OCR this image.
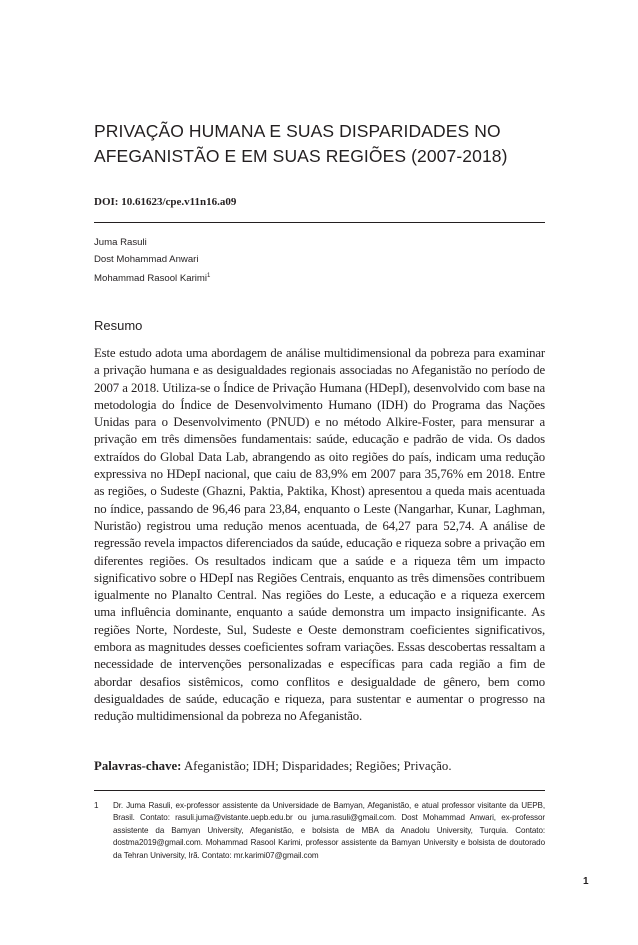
PRIVAÇÃO HUMANA E SUAS DISPARIDADES NO AFEGANISTÃO E EM SUAS REGIÕES (2007-2018)
DOI: 10.61623/cpe.v11n16.a09
Juma Rasuli
Dost Mohammad Anwari
Mohammad Rasool Karimi$^1$
Resumo

Este estudo adota uma abordagem de análise multidimensional da pobreza para examinar a privação humana e as desigualdades regionais associadas no Afeganistão no período de 2007 a 2018. Utiliza-se o Índice de Privação Humana (HDepI), desenvolvido com base na metodologia do Índice de Desenvolvimento Humano (IDH) do Programa das Nações Unidas para o Desenvolvimento (PNUD) e no método Alkire-Foster, para mensurar a privação em três dimensões fundamentais: saúde, educação e padrão de vida. Os dados extraídos do Global Data Lab, abrangendo as oito regiões do país, indicam uma redução expressiva no HDepI nacional, que caiu de 83,9% em 2007 para 35,76% em 2018. Entre as regiões, o Sudeste (Ghazni, Paktia, Paktika, Khost) apresentou a queda mais acentuada no índice, passando de 96,46 para 23,84, enquanto o Leste (Nangarhar, Kunar, Laghman, Nuristão) registrou uma redução menos acentuada, de 64,27 para 52,74. A análise de regressão revela impactos diferenciados da saúde, educação e riqueza sobre a privação em diferentes regiões. Os resultados indicam que a saúde e a riqueza têm um impacto significativo sobre o HDepI nas Regiões Centrais, enquanto as três dimensões contribuem igualmente no Planalto Central. Nas regiões do Leste, a educação e a riqueza exercem uma influência dominante, enquanto a saúde demonstra um impacto insignificante. As regiões Norte, Nordeste, Sul, Sudeste e Oeste demonstram coeficientes significativos, embora as magnitudes desses coeficientes sofram variações. Essas descobertas ressaltam a necessidade de intervenções personalizadas e específicas para cada região a fim de abordar desafios sistêmicos, como conflitos e desigualdade de gênero, bem como desigualdades de saúde, educação e riqueza, para sustentar e aumentar o progresso na redução multidimensional da pobreza no Afeganistão.

Palavras-chave: Afeganistão; IDH; Disparidades; Regiões; Privação.

1 Dr. Juma Rasuli, ex-professor assistente da Universidade de Bamyan, Afeganistão, e atual professor visitante da UEPB, Brasil. Contato: rasuli.juma@vistante.uepb.edu.br ou juma.rasuli@gmail.com. Dost Mohammad Anwari, ex-professor assistente da Bamyan University, Afeganistão, e bolsista de MBA da Anadolu University, Turquia. Contato: dostma2019@gmail.com. Mohammad Rasool Karimi, professor assistente da Bamyan University e bolsista de doutorado da Tehran University, Irã. Contato: mr.karimi07@gmail.com
1
